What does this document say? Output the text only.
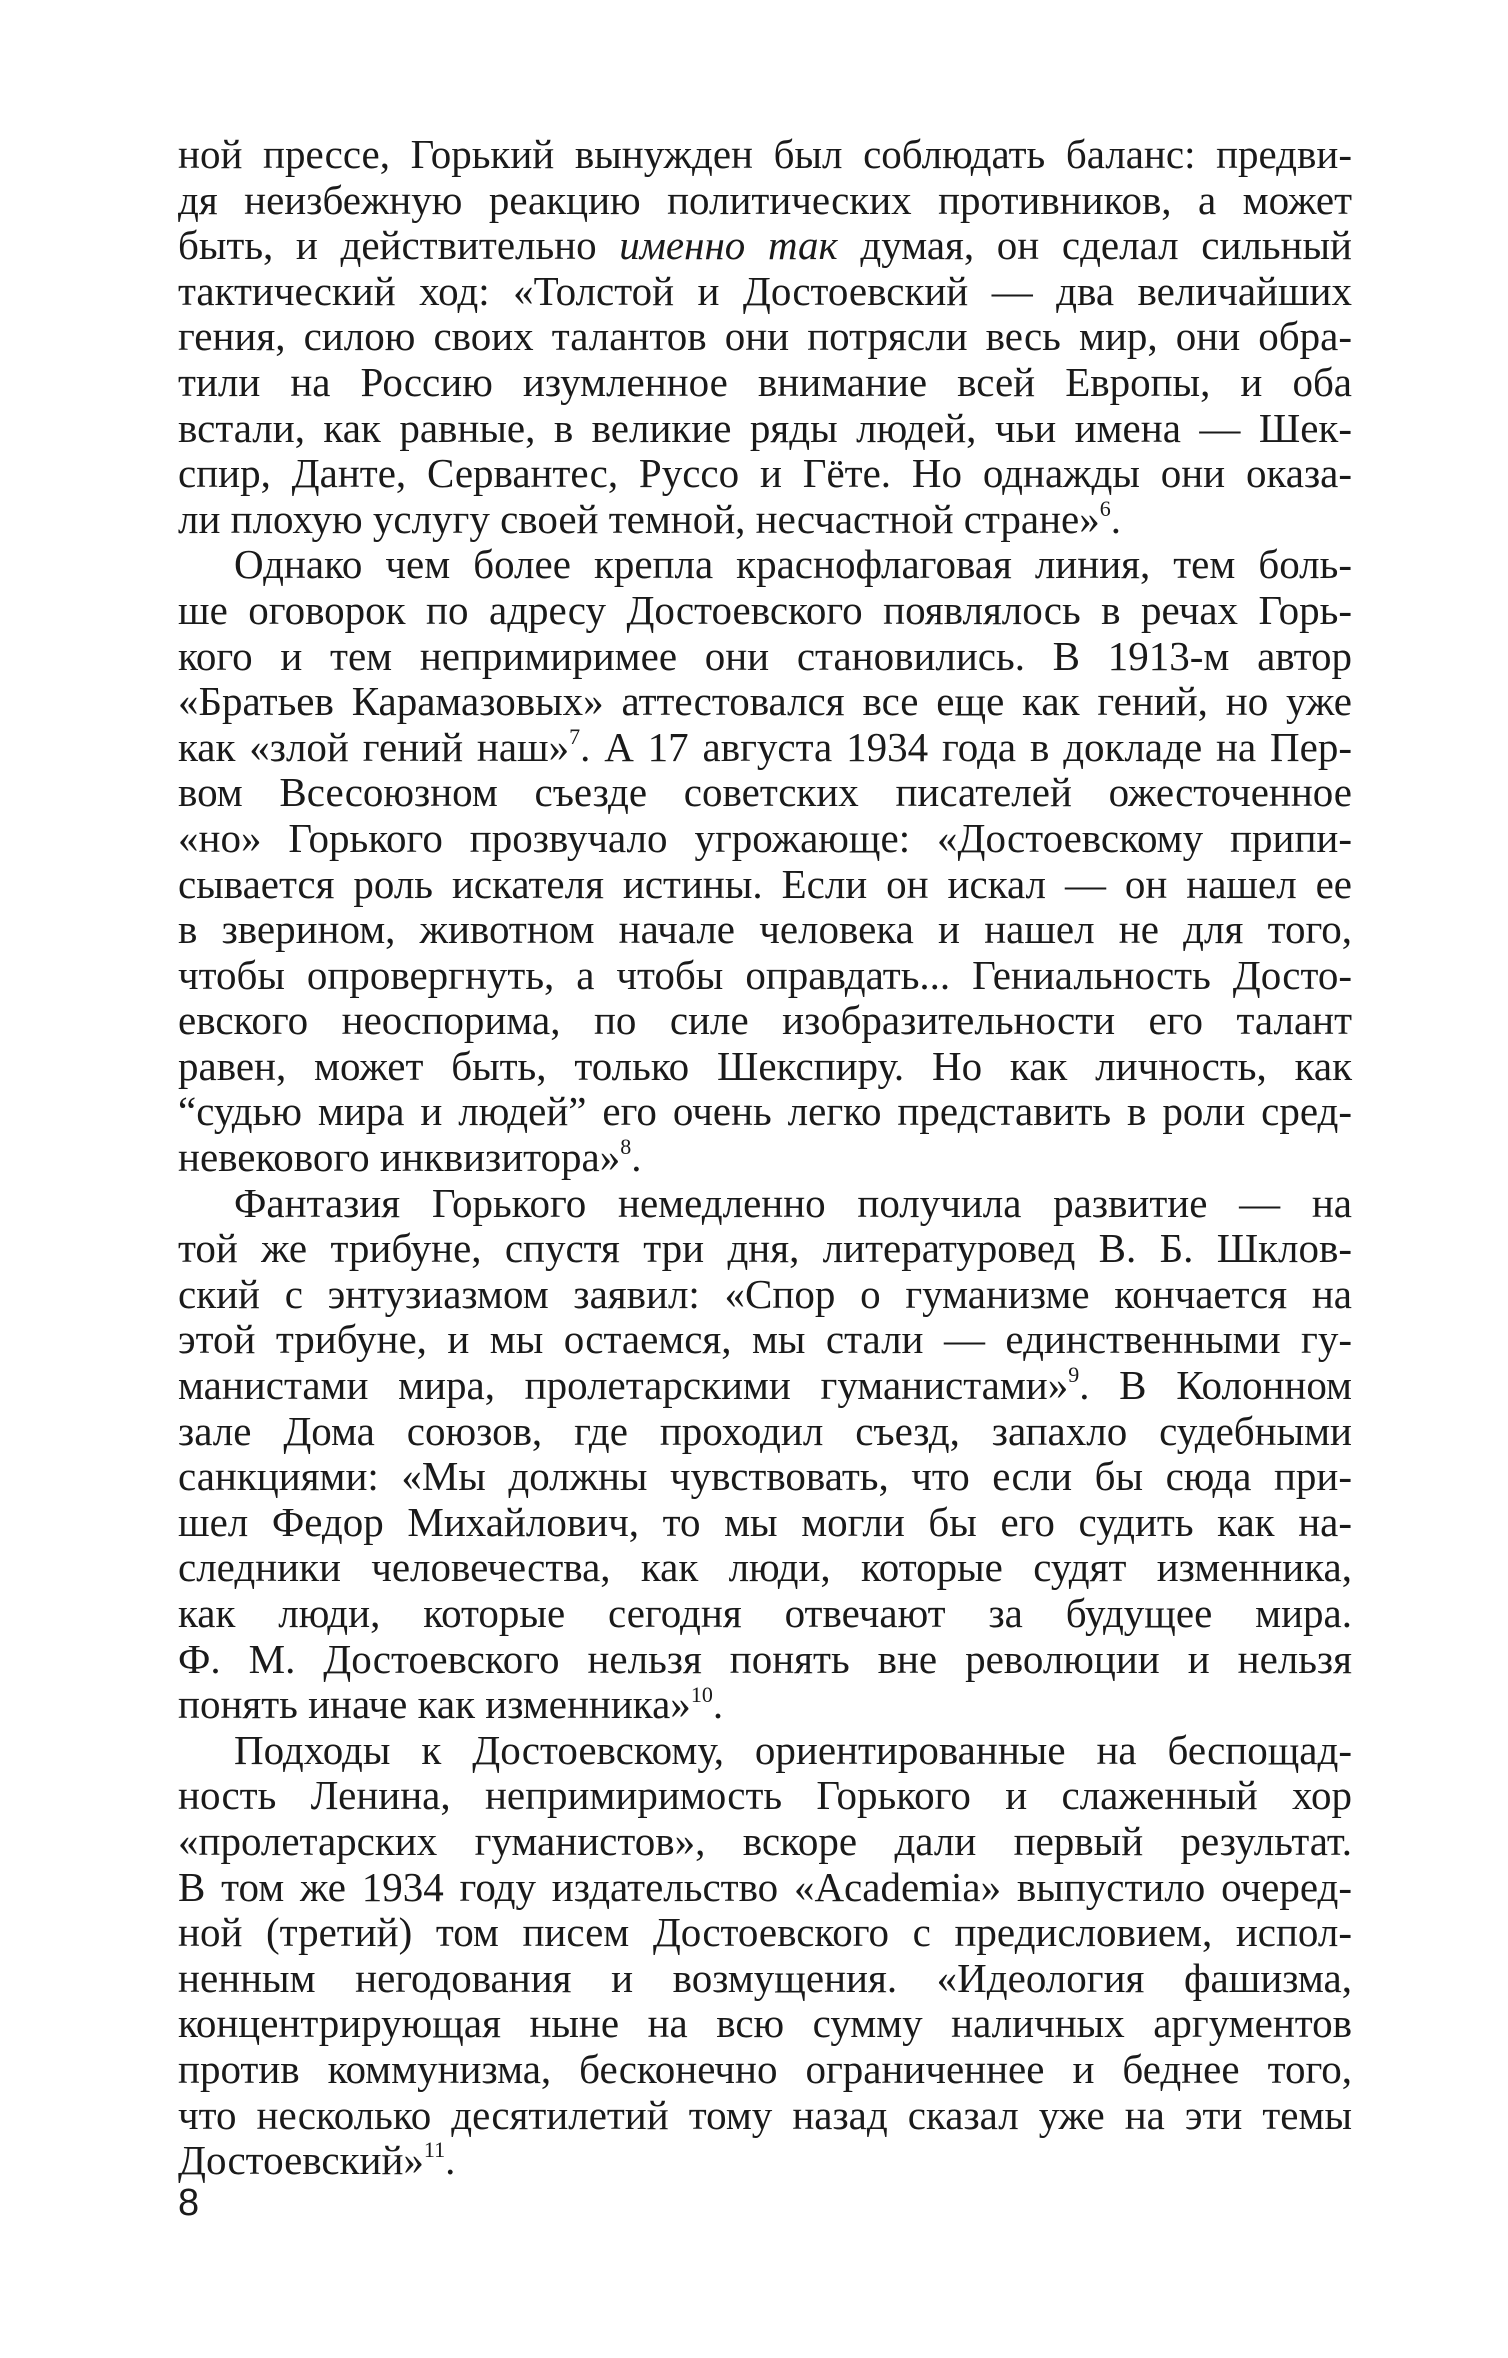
ной прессе, Горький вынужден был соблюдать баланс: предви-
дя неизбежную реакцию политических противников, а может
быть, и действительно именно так думая, он сделал сильный
тактический ход: «Толстой и Достоевский — два величайших
гения, силою своих талантов они потрясли весь мир, они обра-
тили на Россию изумленное внимание всей Европы, и оба
встали, как равные, в великие ряды людей, чьи имена — Шек-
спир, Данте, Сервантес, Руссо и Гёте. Но однажды они оказа-
ли плохую услугу своей темной, несчастной стране»$^6$.
Однако чем более крепла краснофлаговая линия, тем боль-
ше оговорок по адресу Достоевского появлялось в речах Горь-
кого и тем непримиримее они становились. В 1913-м автор
«Братьев Карамазовых» аттестовался все еще как гений, но уже
как «злой гений наш»$^7$. А 17 августа 1934 года в докладе на Пер-
вом Всесоюзном съезде советских писателей ожесточенное
«но» Горького прозвучало угрожающе: «Достоевскому припи-
сывается роль искателя истины. Если он искал — он нашел ее
в зверином, животном начале человека и нашел не для того,
чтобы опровергнуть, а чтобы оправдать... Гениальность Досто-
евского неоспорима, по силе изобразительности его талант
равен, может быть, только Шекспиру. Но как личность, как
“судью мира и людей” его очень легко представить в роли сред-
невекового инквизитора»$^8$.
Фантазия Горького немедленно получила развитие — на
той же трибуне, спустя три дня, литературовед В. Б. Шклов-
ский с энтузиазмом заявил: «Спор о гуманизме кончается на
этой трибуне, и мы остаемся, мы стали — единственными гу-
манистами мира, пролетарскими гуманистами»$^9$. В Колонном
зале Дома союзов, где проходил съезд, запахло судебными
санкциями: «Мы должны чувствовать, что если бы сюда при-
шел Федор Михайлович, то мы могли бы его судить как на-
следники человечества, как люди, которые судят изменника,
как люди, которые сегодня отвечают за будущее мира.
Ф. М. Достоевского нельзя понять вне революции и нельзя
понять иначе как изменника»$^{10}$.
Подходы к Достоевскому, ориентированные на беспощад-
ность Ленина, непримиримость Горького и слаженный хор
«пролетарских гуманистов», вскоре дали первый результат.
В том же 1934 году издательство «Academia» выпустило очеред-
ной (третий) том писем Достоевского с предисловием, испол-
ненным негодования и возмущения. «Идеология фашизма,
концентрирующая ныне на всю сумму наличных аргументов
против коммунизма, бесконечно ограниченнее и беднее того,
что несколько десятилетий тому назад сказал уже на эти темы
Достоевский»$^{11}$.
8
